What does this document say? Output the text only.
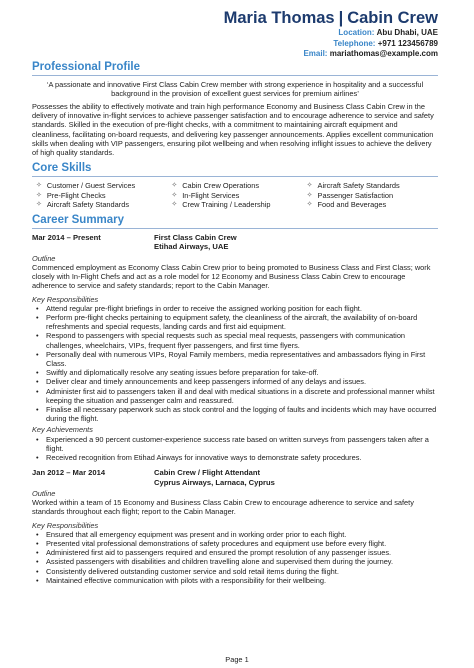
Maria Thomas | Cabin Crew
Location: Abu Dhabi, UAE
Telephone: +971 123456789
Email: mariathomas@example.com
Professional Profile

‘A passionate and innovative First Class Cabin Crew member with strong experience in hospitality and a successful background in the provision of excellent guest services for premium airlines’

Possesses the ability to effectively motivate and train high performance Economy and Business Class Cabin Crew in the delivery of innovative in-flight services to achieve passenger satisfaction and to encourage adherence to service and safety standards. Skilled in the execution of pre-flight checks, with a commitment to maintaining aircraft equipment and cleanliness, facilitating on-board requests, and delivering key passenger announcements. Applies excellent communication skills when dealing with VIP passengers, ensuring pilot wellbeing and when resolving inflight issues to achieve the delivery of high quality standards.

Core Skills
✧ Customer / Guest Services	✧ Cabin Crew Operations	✧ Aircraft Safety Standards
✧ Pre-Flight Checks	✧ In-Flight Services	✧ Passenger Satisfaction
✧ Aircraft Safety Standards	✧ Crew Training / Leadership	✧ Food and Beverages
Career Summary
Mar 2014 – Present	First Class Cabin Crew
Etihad Airways, UAE

Outline

Commenced employment as Economy Class Cabin Crew prior to being promoted to Business Class and First Class; work closely with In-Flight Chefs and act as a role model for 12 Economy and Business Class Cabin Crew to encourage adherence to service and safety standards; report to the Cabin Manager.

Key Responsibilities

• Attend regular pre-flight briefings in order to receive the assigned working position for each flight.
• Perform pre-flight checks pertaining to equipment safety, the cleanliness of the aircraft, the availability of on-board refreshments and special requests, landing cards and first aid equipment.
• Respond to passengers with special requests such as special meal requests, passengers with communication challenges, wheelchairs, VIPs, frequent flyer passengers, and first time flyers.
• Personally deal with numerous VIPs, Royal Family members, media representatives and ambassadors flying in First Class.
• Swiftly and diplomatically resolve any seating issues before preparation for take-off.
• Deliver clear and timely announcements and keep passengers informed of any delays and issues.
• Administer first aid to passengers taken ill and deal with medical situations in a discrete and professional manner whilst keeping the situation and passenger calm and reassured.
• Finalise all necessary paperwork such as stock control and the logging of faults and incidents which may have occurred during the flight.

Key Achievements

• Experienced a 90 percent customer-experience success rate based on written surveys from passengers taken after a flight.
• Received recognition from Etihad Airways for innovative ways to demonstrate safety procedures.
Jan 2012 – Mar 2014	Cabin Crew / Flight Attendant
Cyprus Airways, Larnaca, Cyprus

Outline

Worked within a team of 15 Economy and Business Class Cabin Crew to encourage adherence to service and safety standards throughout each flight; report to the Cabin Manager.

Key Responsibilities

• Ensured that all emergency equipment was present and in working order prior to each flight.
• Presented vital professional demonstrations of safety procedures and equipment use before every flight.
• Administered first aid to passengers required and ensured the prompt resolution of any passenger issues.
• Assisted passengers with disabilities and children travelling alone and supervised them during the journey.
• Consistently delivered outstanding customer service and sold retail items during the flight.
• Maintained effective communication with pilots with a responsibility for their wellbeing.
Page 1
